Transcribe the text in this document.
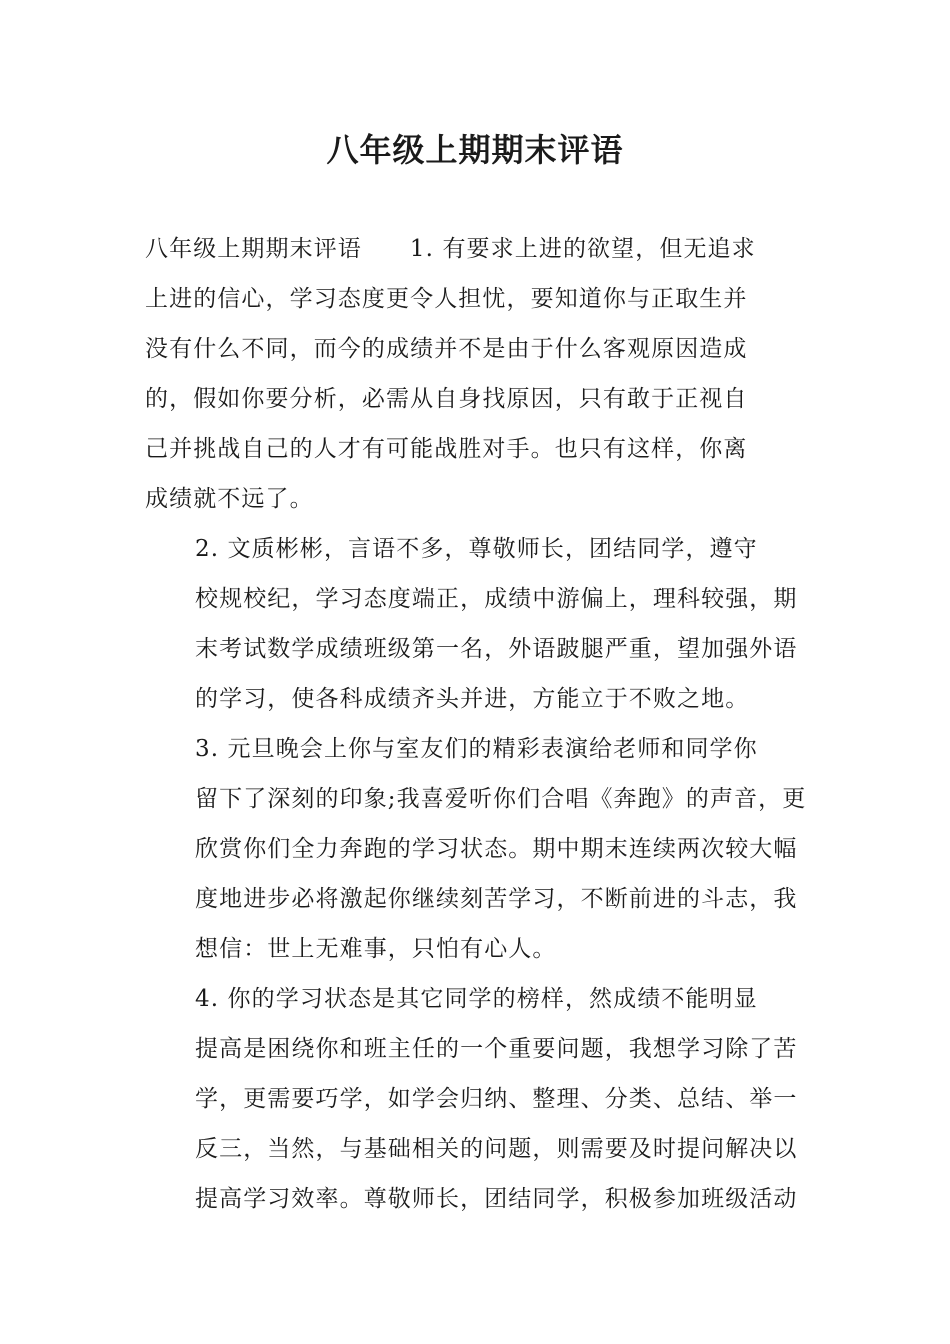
八年级上期期末评语
八年级上期期末评语 1. 有要求上进的欲望，但无追求
上进的信心，学习态度更令人担忧，要知道你与正取生并
没有什么不同，而今的成绩并不是由于什么客观原因造成
的，假如你要分析，必需从自身找原因，只有敢于正视自
己并挑战自己的人才有可能战胜对手。也只有这样，你离
成绩就不远了。
2. 文质彬彬，言语不多，尊敬师长，团结同学，遵守
校规校纪，学习态度端正，成绩中游偏上，理科较强，期
末考试数学成绩班级第一名，外语跛腿严重，望加强外语
的学习，使各科成绩齐头并进，方能立于不败之地。
3. 元旦晚会上你与室友们的精彩表演给老师和同学你
留下了深刻的印象;我喜爱听你们合唱《奔跑》的声音，更
欣赏你们全力奔跑的学习状态。期中期末连续两次较大幅
度地进步必将激起你继续刻苦学习，不断前进的斗志，我
想信：世上无难事，只怕有心人。
4. 你的学习状态是其它同学的榜样，然成绩不能明显
提高是困绕你和班主任的一个重要问题，我想学习除了苦
学，更需要巧学，如学会归纳、整理、分类、总结、举一
反三，当然，与基础相关的问题，则需要及时提问解决以
提高学习效率。尊敬师长，团结同学，积极参加班级活动
